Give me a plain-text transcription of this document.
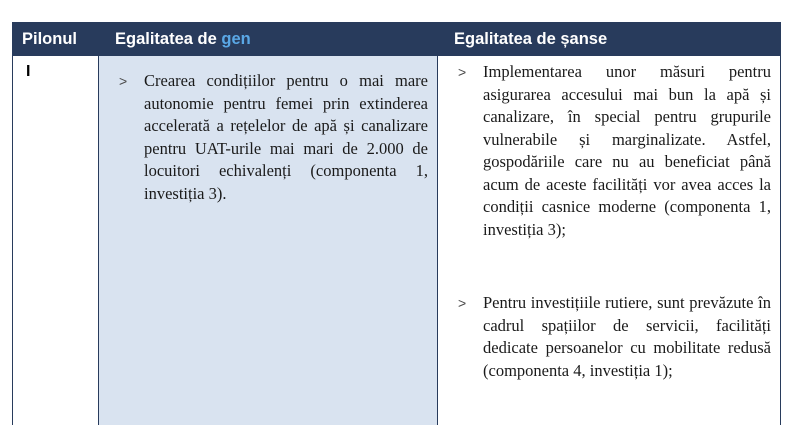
Pilonul	Egalitatea de gen	Egalitatea de șanse
I
> Crearea condițiilor pentru o mai mare autonomie pentru femei prin extinderea accelerată a rețelelor de apă și canalizare pentru UAT-urile mai mari de 2.000 de locuitori echivalenți (componenta 1, investiția 3).
> Implementarea unor măsuri pentru asigurarea accesului mai bun la apă și canalizare, în special pentru grupurile vulnerabile și marginalizate. Astfel, gospodăriile care nu au beneficiat până acum de aceste facilități vor avea acces la condiții casnice moderne (componenta 1, investiția 3);
> Pentru investițiile rutiere, sunt prevăzute în cadrul spațiilor de servicii, facilități dedicate persoanelor cu mobilitate redusă (componenta 4, investiția 1);
